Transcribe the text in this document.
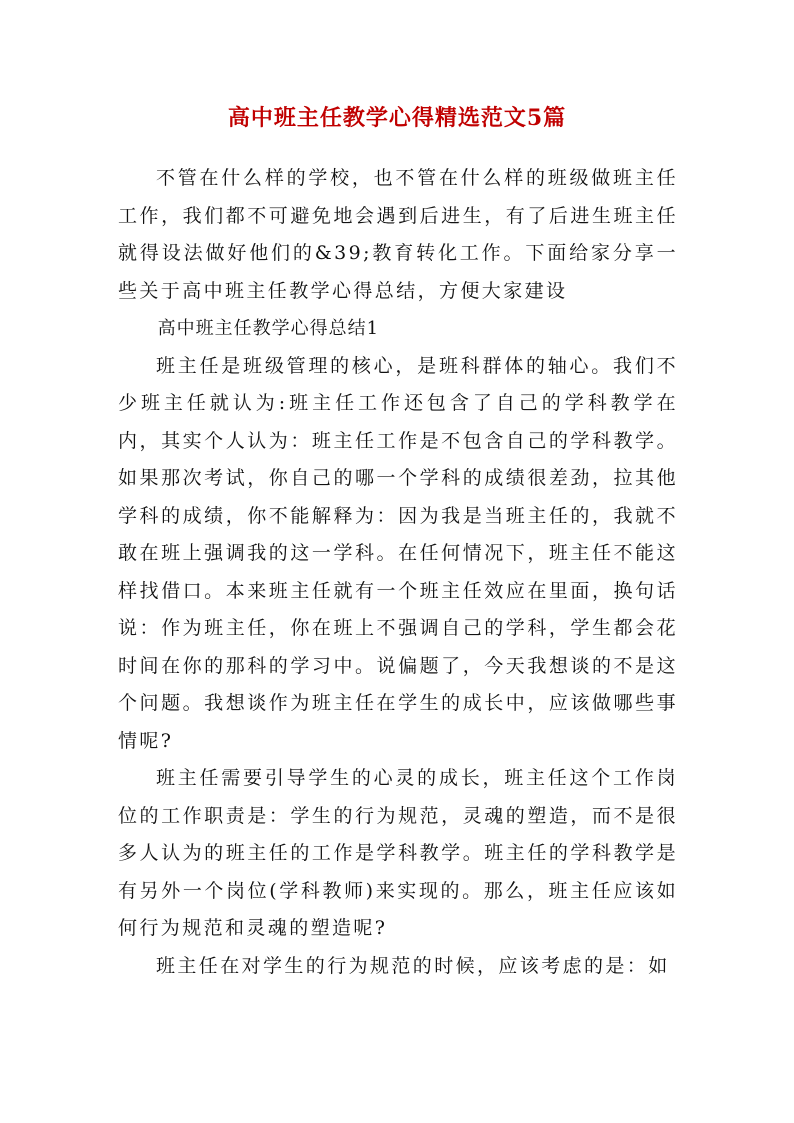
高中班主任教学心得精选范文5篇

不管在什么样的学校，也不管在什么样的班级做班主任工作，我们都不可避免地会遇到后进生，有了后进生班主任就得设法做好他们的&39;教育转化工作。下面给家分享一些关于高中班主任教学心得总结，方便大家建设

高中班主任教学心得总结1

班主任是班级管理的核心，是班科群体的轴心。我们不少班主任就认为:班主任工作还包含了自己的学科教学在内，其实个人认为：班主任工作是不包含自己的学科教学。如果那次考试，你自己的哪一个学科的成绩很差劲，拉其他学科的成绩，你不能解释为：因为我是当班主任的，我就不敢在班上强调我的这一学科。在任何情况下，班主任不能这样找借口。本来班主任就有一个班主任效应在里面，换句话说：作为班主任，你在班上不强调自己的学科，学生都会花时间在你的那科的学习中。说偏题了，今天我想谈的不是这个问题。我想谈作为班主任在学生的成长中，应该做哪些事情呢?

班主任需要引导学生的心灵的成长，班主任这个工作岗位的工作职责是：学生的行为规范，灵魂的塑造，而不是很多人认为的班主任的工作是学科教学。班主任的学科教学是有另外一个岗位(学科教师)来实现的。那么，班主任应该如何行为规范和灵魂的塑造呢?

班主任在对学生的行为规范的时候，应该考虑的是：如
